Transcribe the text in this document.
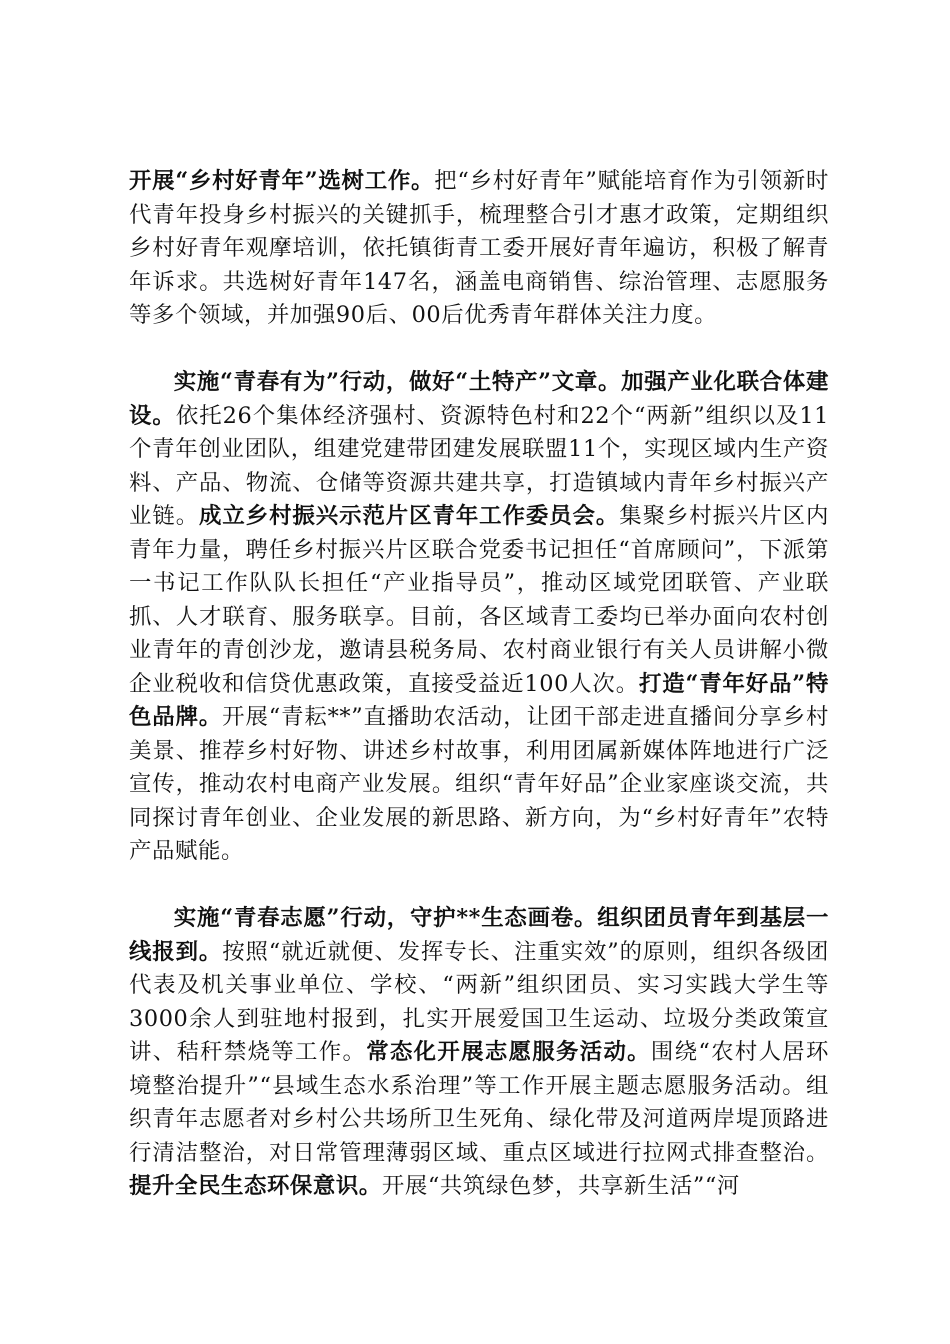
开展“乡村好青年”选树工作。把“乡村好青年”赋能培育作为引领新时代青年投身乡村振兴的关键抓手，梳理整合引才惠才政策，定期组织乡村好青年观摩培训，依托镇街青工委开展好青年遍访，积极了解青年诉求。共选树好青年147名，涵盖电商销售、综治管理、志愿服务等多个领域，并加强90后、00后优秀青年群体关注力度。

实施“青春有为”行动，做好“土特产”文章。加强产业化联合体建设。依托26个集体经济强村、资源特色村和22个“两新”组织以及11个青年创业团队，组建党建带团建发展联盟11个，实现区域内生产资料、产品、物流、仓储等资源共建共享，打造镇域内青年乡村振兴产业链。成立乡村振兴示范片区青年工作委员会。集聚乡村振兴片区内青年力量，聘任乡村振兴片区联合党委书记担任“首席顾问”，下派第一书记工作队队长担任“产业指导员”，推动区域党团联管、产业联抓、人才联育、服务联享。目前，各区域青工委均已举办面向农村创业青年的青创沙龙，邀请县税务局、农村商业银行有关人员讲解小微企业税收和信贷优惠政策，直接受益近100人次。打造“青年好品”特色品牌。开展“青耘**”直播助农活动，让团干部走进直播间分享乡村美景、推荐乡村好物、讲述乡村故事，利用团属新媒体阵地进行广泛宣传，推动农村电商产业发展。组织“青年好品”企业家座谈交流，共同探讨青年创业、企业发展的新思路、新方向，为“乡村好青年”农特产品赋能。

实施“青春志愿”行动，守护**生态画卷。组织团员青年到基层一线报到。按照“就近就便、发挥专长、注重实效”的原则，组织各级团代表及机关事业单位、学校、“两新”组织团员、实习实践大学生等3000余人到驻地村报到，扎实开展爱国卫生运动、垃圾分类政策宣讲、秸秆禁烧等工作。常态化开展志愿服务活动。围绕“农村人居环境整治提升”“县域生态水系治理”等工作开展主题志愿服务活动。组织青年志愿者对乡村公共场所卫生死角、绿化带及河道两岸堤顶路进行清洁整治，对日常管理薄弱区域、重点区域进行拉网式排查整治。提升全民生态环保意识。开展“共筑绿色梦，共享新生活”“河
